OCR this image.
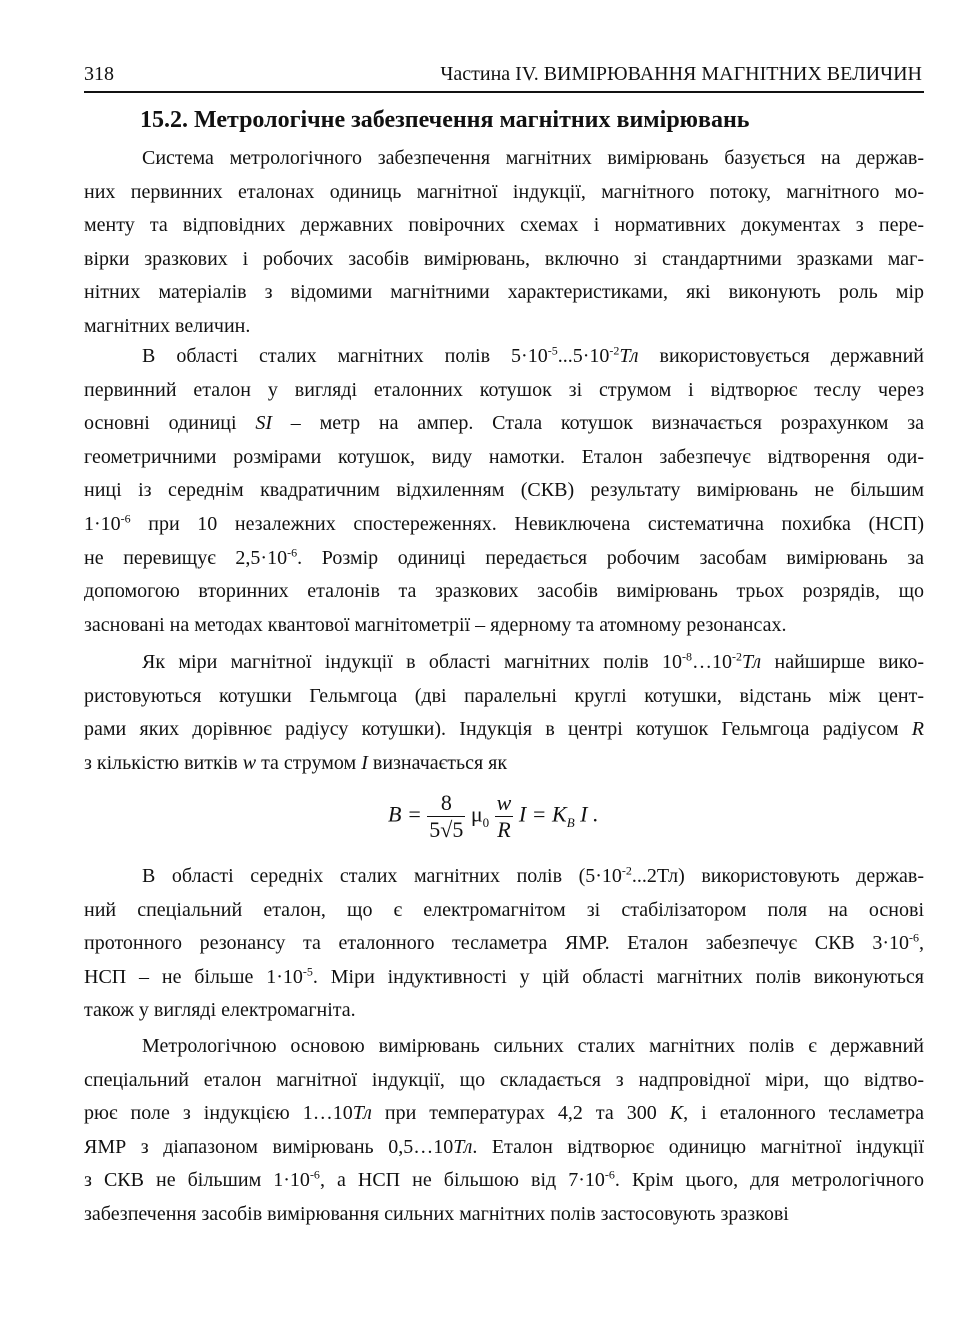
318	Частина IV. ВИМІРЮВАННЯ МАГНІТНИХ ВЕЛИЧИН
15.2. Метрологічне забезпечення магнітних вимірювань
Система метрологічного забезпечення магнітних вимірювань базується на держав-
них первинних еталонах одиниць магнітної індукції, магнітного потоку, магнітного мо-
менту та відповідних державних повірочних схемах і нормативних документах з пере-
вірки зразкових і робочих засобів вимірювань, включно зі стандартними зразками маг-
нітних матеріалів з відомими магнітними характеристиками, які виконують роль мір
магнітних величин.
В області сталих магнітних полів $5\cdot 10^{-5}...5\cdot 10^{-2}Тл$ використовується державний
первинний еталон у вигляді еталонних котушок зі струмом і відтворює теслу через
основні одиниці SI – метр на ампер. Стала котушок визначається розрахунком за
геометричними розмірами котушок, виду намотки. Еталон забезпечує відтворення оди-
ниці із середнім квадратичним відхиленням (СКВ) результату вимірювань не більшим
$1\cdot 10^{-6}$ при 10 незалежних спостереженнях. Невиключена систематична похибка (НСП)
не перевищує $2,5\cdot 10^{-6}$. Розмір одиниці передається робочим засобам вимірювань за
допомогою вторинних еталонів та зразкових засобів вимірювань трьох розрядів, що
засновані на методах квантової магнітометрії – ядерному та атомному резонансах.
Як міри магнітної індукції в області магнітних полів $10^{-8}\dots 10^{-2}Тл$ найширше вико-
ристовуються котушки Гельмгоца (дві паралельні круглі котушки, відстань між цент-
рами яких дорівнює радіусу котушки). Індукція в центрі котушок Гельмгоца радіусом R
з кількістю витків w та струмом I визначається як
$B = \frac{8}{5√5} \mu_0 \frac{w}{R}$ $I = K_B$ I .
В області середніх сталих магнітних полів $(5\cdot 10^{-2}...2Тл)$ використовують держав-
ний спеціальний еталон, що є електромагнітом зі стабілізатором поля на основі
протонного резонансу та еталонного тесламетра ЯМР. Еталон забезпечує СКВ $3\cdot 10^{-6}$,
НСП – не більше $1\cdot 10^{-5}$. Міри індуктивності у цій області магнітних полів виконуються
також у вигляді електромагніта.
Метрологічною основою вимірювань сильних сталих магнітних полів є державний
спеціальний еталон магнітної індукції, що складається з надпровідної міри, що відтво-
рює поле з індукцією 1…10Тл при температурах 4,2 та 300 K, і еталонного тесламетра
ЯМР з діапазоном вимірювань 0,5…10Тл. Еталон відтворює одиницю магнітної індукції
з СКВ не більшим $1\cdot 10^{-6}$, а НСП не більшою від $7\cdot 10^{-6}$. Крім цього, для метрологічного
забезпечення засобів вимірювання сильних магнітних полів застосовують зразкові
